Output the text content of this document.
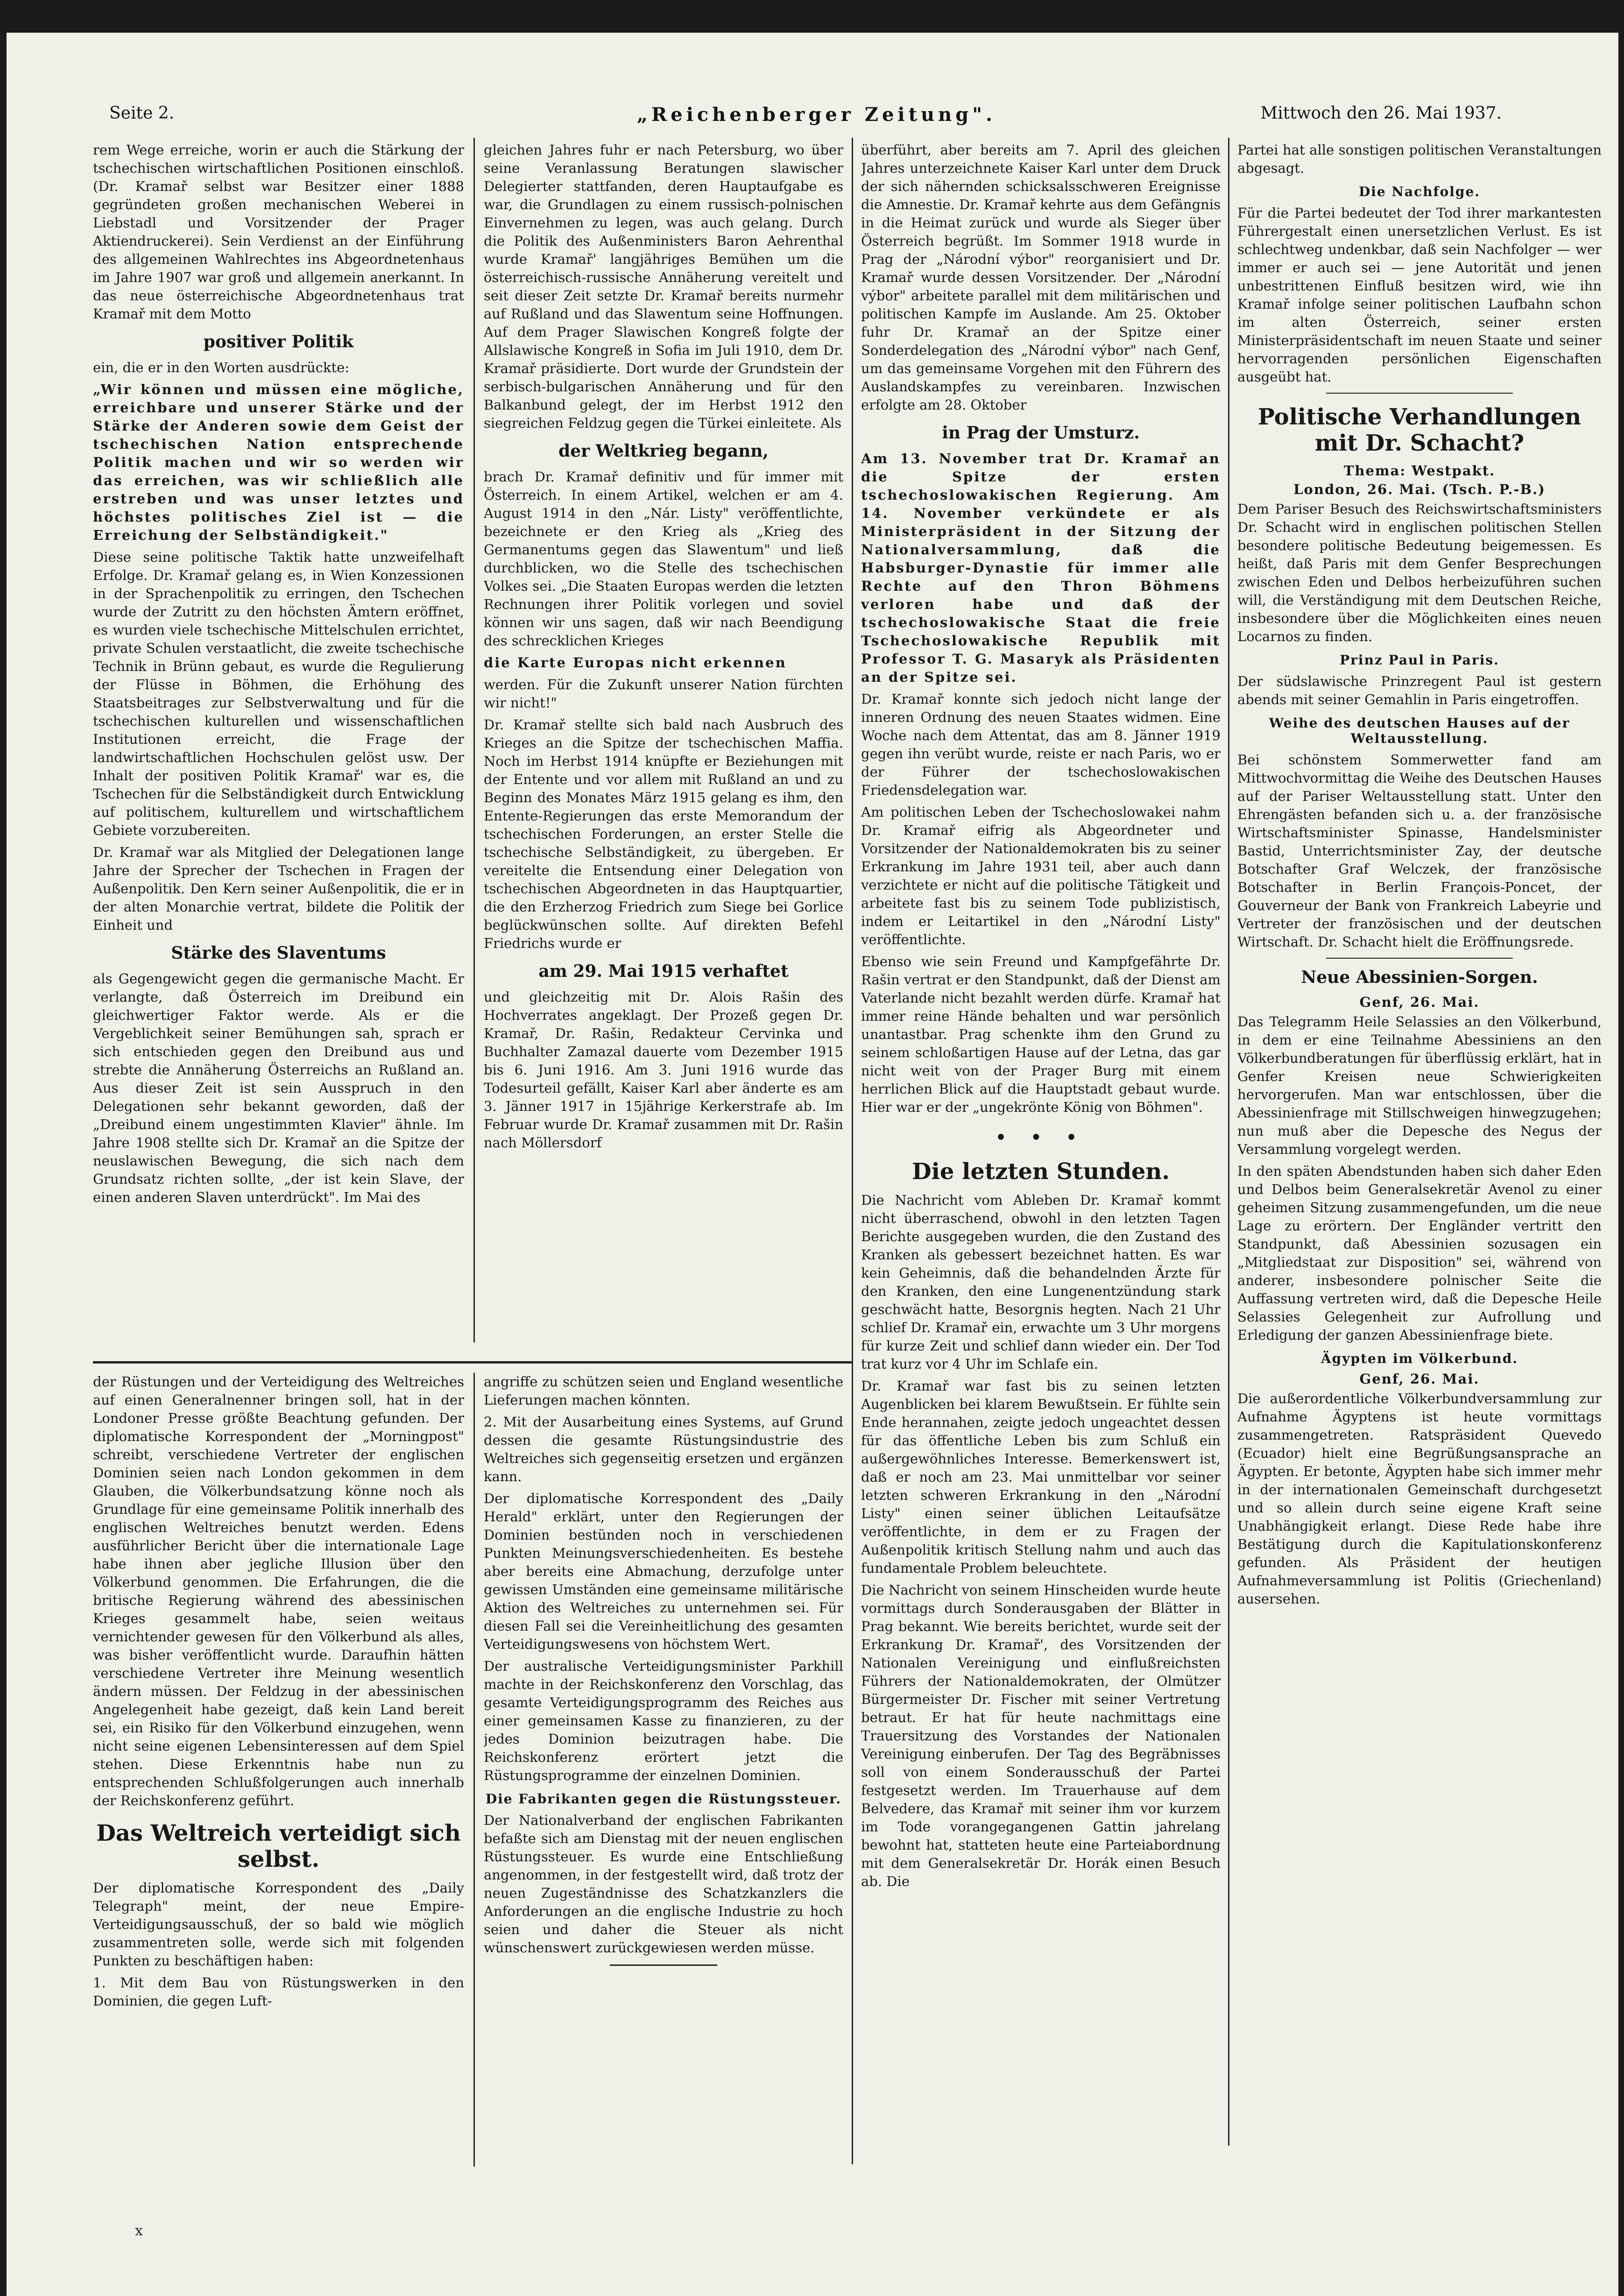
Seite 2.	„Reichenberger Zeitung".	Mittwoch den 26. Mai 1937.

rem Wege erreiche, worin er auch die Stärkung der tschechischen wirtschaftlichen Positionen einschloß. (Dr. Kramař selbst war Besitzer einer 1888 gegründeten großen mechanischen Weberei in Liebstadl und Vorsitzender der Prager Aktiendruckerei). Sein Verdienst an der Einführung des allgemeinen Wahlrechtes ins Abgeordnetenhaus im Jahre 1907 war groß und allgemein anerkannt. In das neue österreichische Abgeordnetenhaus trat Kramař mit dem Motto

positiver Politik

ein, die er in den Worten ausdrückte:

„Wir können und müssen eine mögliche, erreichbare und unserer Stärke und der Stärke der Anderen sowie dem Geist der tschechischen Nation entsprechende Politik machen und wir so werden wir das erreichen, was wir schließlich alle erstreben und was unser letztes und höchstes politisches Ziel ist — die Erreichung der Selbständigkeit."

Diese seine politische Taktik hatte unzweifelhaft Erfolge. Dr. Kramař gelang es, in Wien Konzessionen in der Sprachenpolitik zu erringen, den Tschechen wurde der Zutritt zu den höchsten Ämtern eröffnet, es wurden viele tschechische Mittelschulen errichtet, private Schulen verstaatlicht, die zweite tschechische Technik in Brünn gebaut, es wurde die Regulierung der Flüsse in Böhmen, die Erhöhung des Staatsbeitrages zur Selbstverwaltung und für die tschechischen kulturellen und wissenschaftlichen Institutionen erreicht, die Frage der landwirtschaftlichen Hochschulen gelöst usw. Der Inhalt der positiven Politik Kramař' war es, die Tschechen für die Selbständigkeit durch Entwicklung auf politischem, kulturellem und wirtschaftlichem Gebiete vorzubereiten.

Dr. Kramař war als Mitglied der Delegationen lange Jahre der Sprecher der Tschechen in Fragen der Außenpolitik. Den Kern seiner Außenpolitik, die er in der alten Monarchie vertrat, bildete die Politik der Einheit und

Stärke des Slaventums

als Gegengewicht gegen die germanische Macht. Er verlangte, daß Österreich im Dreibund ein gleichwertiger Faktor werde. Als er die Vergeblichkeit seiner Bemühungen sah, sprach er sich entschieden gegen den Dreibund aus und strebte die Annäherung Österreichs an Rußland an. Aus dieser Zeit ist sein Ausspruch in den Delegationen sehr bekannt geworden, daß der „Dreibund einem ungestimmten Klavier" ähnle. Im Jahre 1908 stellte sich Dr. Kramař an die Spitze der neuslawischen Bewegung, die sich nach dem Grundsatz richten sollte, „der ist kein Slave, der einen anderen Slaven unterdrückt". Im Mai des

gleichen Jahres fuhr er nach Petersburg, wo über seine Veranlassung Beratungen slawischer Delegierter stattfanden, deren Hauptaufgabe es war, die Grundlagen zu einem russisch-polnischen Einvernehmen zu legen, was auch gelang. Durch die Politik des Außenministers Baron Aehrenthal wurde Kramař' langjähriges Bemühen um die österreichisch-russische Annäherung vereitelt und seit dieser Zeit setzte Dr. Kramař bereits nurmehr auf Rußland und das Slawentum seine Hoffnungen. Auf dem Prager Slawischen Kongreß folgte der Allslawische Kongreß in Sofia im Juli 1910, dem Dr. Kramař präsidierte. Dort wurde der Grundstein der serbisch-bulgarischen Annäherung und für den Balkanbund gelegt, der im Herbst 1912 den siegreichen Feldzug gegen die Türkei einleitete. Als

der Weltkrieg begann,

brach Dr. Kramař definitiv und für immer mit Österreich. In einem Artikel, welchen er am 4. August 1914 in den „Nár. Listy" veröffentlichte, bezeichnete er den Krieg als „Krieg des Germanentums gegen das Slawentum" und ließ durchblicken, wo die Stelle des tschechischen Volkes sei. „Die Staaten Europas werden die letzten Rechnungen ihrer Politik vorlegen und soviel können wir uns sagen, daß wir nach Beendigung des schrecklichen Krieges

die Karte Europas nicht erkennen

werden. Für die Zukunft unserer Nation fürchten wir nicht!"

Dr. Kramař stellte sich bald nach Ausbruch des Krieges an die Spitze der tschechischen Maffia. Noch im Herbst 1914 knüpfte er Beziehungen mit der Entente und vor allem mit Rußland an und zu Beginn des Monates März 1915 gelang es ihm, den Entente-Regierungen das erste Memorandum der tschechischen Forderungen, an erster Stelle die tschechische Selbständigkeit, zu übergeben. Er vereitelte die Entsendung einer Delegation von tschechischen Abgeordneten in das Hauptquartier, die den Erzherzog Friedrich zum Siege bei Gorlice beglückwünschen sollte. Auf direkten Befehl Friedrichs wurde er

am 29. Mai 1915 verhaftet

und gleichzeitig mit Dr. Alois Rašin des Hochverrates angeklagt. Der Prozeß gegen Dr. Kramař, Dr. Rašin, Redakteur Cervinka und Buchhalter Zamazal dauerte vom Dezember 1915 bis 6. Juni 1916. Am 3. Juni 1916 wurde das Todesurteil gefällt, Kaiser Karl aber änderte es am 3. Jänner 1917 in 15jährige Kerkerstrafe ab. Im Februar wurde Dr. Kramař zusammen mit Dr. Rašin nach Möllersdorf

überführt, aber bereits am 7. April des gleichen Jahres unterzeichnete Kaiser Karl unter dem Druck der sich nähernden schicksalsschweren Ereignisse die Amnestie. Dr. Kramař kehrte aus dem Gefängnis in die Heimat zurück und wurde als Sieger über Österreich begrüßt. Im Sommer 1918 wurde in Prag der „Národní výbor" reorganisiert und Dr. Kramař wurde dessen Vorsitzender. Der „Národní výbor" arbeitete parallel mit dem militärischen und politischen Kampfe im Auslande. Am 25. Oktober fuhr Dr. Kramař an der Spitze einer Sonderdelegation des „Národní výbor" nach Genf, um das gemeinsame Vorgehen mit den Führern des Auslandskampfes zu vereinbaren. Inzwischen erfolgte am 28. Oktober

in Prag der Umsturz.

Am 13. November trat Dr. Kramař an die Spitze der ersten tschechoslowakischen Regierung. Am 14. November verkündete er als Ministerpräsident in der Sitzung der Nationalversammlung, daß die Habsburger-Dynastie für immer alle Rechte auf den Thron Böhmens verloren habe und daß der tschechoslowakische Staat die freie Tschechoslowakische Republik mit Professor T. G. Masaryk als Präsidenten an der Spitze sei.

Dr. Kramař konnte sich jedoch nicht lange der inneren Ordnung des neuen Staates widmen. Eine Woche nach dem Attentat, das am 8. Jänner 1919 gegen ihn verübt wurde, reiste er nach Paris, wo er der Führer der tschechoslowakischen Friedensdelegation war.

Am politischen Leben der Tschechoslowakei nahm Dr. Kramař eifrig als Abgeordneter und Vorsitzender der Nationaldemokraten bis zu seiner Erkrankung im Jahre 1931 teil, aber auch dann verzichtete er nicht auf die politische Tätigkeit und arbeitete fast bis zu seinem Tode publizistisch, indem er Leitartikel in den „Národní Listy" veröffentlichte.

Ebenso wie sein Freund und Kampfgefährte Dr. Rašin vertrat er den Standpunkt, daß der Dienst am Vaterlande nicht bezahlt werden dürfe. Kramař hat immer reine Hände behalten und war persönlich unantastbar. Prag schenkte ihm den Grund zu seinem schloßartigen Hause auf der Letna, das gar nicht weit von der Prager Burg mit einem herrlichen Blick auf die Hauptstadt gebaut wurde. Hier war er der „ungekrönte König von Böhmen".

• • •
Die letzten Stunden.

Die Nachricht vom Ableben Dr. Kramař kommt nicht überraschend, obwohl in den letzten Tagen Berichte ausgegeben wurden, die den Zustand des Kranken als gebessert bezeichnet hatten. Es war kein Geheimnis, daß die behandelnden Ärzte für den Kranken, den eine Lungenentzündung stark geschwächt hatte, Besorgnis hegten. Nach 21 Uhr schlief Dr. Kramař ein, erwachte um 3 Uhr morgens für kurze Zeit und schlief dann wieder ein. Der Tod trat kurz vor 4 Uhr im Schlafe ein.

Dr. Kramař war fast bis zu seinen letzten Augenblicken bei klarem Bewußtsein. Er fühlte sein Ende herannahen, zeigte jedoch ungeachtet dessen für das öffentliche Leben bis zum Schluß ein außergewöhnliches Interesse. Bemerkenswert ist, daß er noch am 23. Mai unmittelbar vor seiner letzten schweren Erkrankung in den „Národní Listy" einen seiner üblichen Leitaufsätze veröffentlichte, in dem er zu Fragen der Außenpolitik kritisch Stellung nahm und auch das fundamentale Problem beleuchtete.

Die Nachricht von seinem Hinscheiden wurde heute vormittags durch Sonderausgaben der Blätter in Prag bekannt. Wie bereits berichtet, wurde seit der Erkrankung Dr. Kramař', des Vorsitzenden der Nationalen Vereinigung und einflußreichsten Führers der Nationaldemokraten, der Olmützer Bürgermeister Dr. Fischer mit seiner Vertretung betraut. Er hat für heute nachmittags eine Trauersitzung des Vorstandes der Nationalen Vereinigung einberufen. Der Tag des Begräbnisses soll von einem Sonderausschuß der Partei festgesetzt werden. Im Trauerhause auf dem Belvedere, das Kramař mit seiner ihm vor kurzem im Tode vorangegangenen Gattin jahrelang bewohnt hat, statteten heute eine Parteiabordnung mit dem Generalsekretär Dr. Horák einen Besuch ab. Die

Partei hat alle sonstigen politischen Veranstaltungen abgesagt.

Die Nachfolge.

Für die Partei bedeutet der Tod ihrer markantesten Führergestalt einen unersetzlichen Verlust. Es ist schlechtweg undenkbar, daß sein Nachfolger — wer immer er auch sei — jene Autorität und jenen unbestrittenen Einfluß besitzen wird, wie ihn Kramař infolge seiner politischen Laufbahn schon im alten Österreich, seiner ersten Ministerpräsidentschaft im neuen Staate und seiner hervorragenden persönlichen Eigenschaften ausgeübt hat.

Politische Verhandlungen mit Dr. Schacht?
Thema: Westpakt.
London, 26. Mai. (Tsch. P.-B.)

Dem Pariser Besuch des Reichswirtschaftsministers Dr. Schacht wird in englischen politischen Stellen besondere politische Bedeutung beigemessen. Es heißt, daß Paris mit dem Genfer Besprechungen zwischen Eden und Delbos herbeizuführen suchen will, die Verständigung mit dem Deutschen Reiche, insbesondere über die Möglichkeiten eines neuen Locarnos zu finden.

Prinz Paul in Paris.

Der südslawische Prinzregent Paul ist gestern abends mit seiner Gemahlin in Paris eingetroffen.

Weihe des deutschen Hauses auf der Weltausstellung.

Bei schönstem Sommerwetter fand am Mittwochvormittag die Weihe des Deutschen Hauses auf der Pariser Weltausstellung statt. Unter den Ehrengästen befanden sich u. a. der französische Wirtschaftsminister Spinasse, Handelsminister Bastid, Unterrichtsminister Zay, der deutsche Botschafter Graf Welczek, der französische Botschafter in Berlin François-Poncet, der Gouverneur der Bank von Frankreich Labeyrie und Vertreter der französischen und der deutschen Wirtschaft. Dr. Schacht hielt die Eröffnungsrede.

Neue Abessinien-Sorgen.
Genf, 26. Mai.

Das Telegramm Heile Selassies an den Völkerbund, in dem er eine Teilnahme Abessiniens an den Völkerbundberatungen für überflüssig erklärt, hat in Genfer Kreisen neue Schwierigkeiten hervorgerufen. Man war entschlossen, über die Abessinienfrage mit Stillschweigen hinwegzugehen; nun muß aber die Depesche des Negus der Versammlung vorgelegt werden.

In den späten Abendstunden haben sich daher Eden und Delbos beim Generalsekretär Avenol zu einer geheimen Sitzung zusammengefunden, um die neue Lage zu erörtern. Der Engländer vertritt den Standpunkt, daß Abessinien sozusagen ein „Mitgliedstaat zur Disposition" sei, während von anderer, insbesondere polnischer Seite die Auffassung vertreten wird, daß die Depesche Heile Selassies Gelegenheit zur Aufrollung und Erledigung der ganzen Abessinienfrage biete.

Ägypten im Völkerbund.
Genf, 26. Mai.

Die außerordentliche Völkerbundversammlung zur Aufnahme Ägyptens ist heute vormittags zusammengetreten. Ratspräsident Quevedo (Ecuador) hielt eine Begrüßungsansprache an Ägypten. Er betonte, Ägypten habe sich immer mehr in der internationalen Gemeinschaft durchgesetzt und so allein durch seine eigene Kraft seine Unabhängigkeit erlangt. Diese Rede habe ihre Bestätigung durch die Kapitulationskonferenz gefunden. Als Präsident der heutigen Aufnahmeversammlung ist Politis (Griechenland) ausersehen.

der Rüstungen und der Verteidigung des Weltreiches auf einen Generalnenner bringen soll, hat in der Londoner Presse größte Beachtung gefunden. Der diplomatische Korrespondent der „Morningpost" schreibt, verschiedene Vertreter der englischen Dominien seien nach London gekommen in dem Glauben, die Völkerbundsatzung könne noch als Grundlage für eine gemeinsame Politik innerhalb des englischen Weltreiches benutzt werden. Edens ausführlicher Bericht über die internationale Lage habe ihnen aber jegliche Illusion über den Völkerbund genommen. Die Erfahrungen, die die britische Regierung während des abessinischen Krieges gesammelt habe, seien weitaus vernichtender gewesen für den Völkerbund als alles, was bisher veröffentlicht wurde. Daraufhin hätten verschiedene Vertreter ihre Meinung wesentlich ändern müssen. Der Feldzug in der abessinischen Angelegenheit habe gezeigt, daß kein Land bereit sei, ein Risiko für den Völkerbund einzugehen, wenn nicht seine eigenen Lebensinteressen auf dem Spiel stehen. Diese Erkenntnis habe nun zu entsprechenden Schlußfolgerungen auch innerhalb der Reichskonferenz geführt.

Das Weltreich verteidigt sich selbst.

Der diplomatische Korrespondent des „Daily Telegraph" meint, der neue Empire-Verteidigungsausschuß, der so bald wie möglich zusammentreten solle, werde sich mit folgenden Punkten zu beschäftigen haben:

1. Mit dem Bau von Rüstungswerken in den Dominien, die gegen Luft-

angriffe zu schützen seien und England wesentliche Lieferungen machen könnten.

2. Mit der Ausarbeitung eines Systems, auf Grund dessen die gesamte Rüstungsindustrie des Weltreiches sich gegenseitig ersetzen und ergänzen kann.

Der diplomatische Korrespondent des „Daily Herald" erklärt, unter den Regierungen der Dominien bestünden noch in verschiedenen Punkten Meinungsverschiedenheiten. Es bestehe aber bereits eine Abmachung, derzufolge unter gewissen Umständen eine gemeinsame militärische Aktion des Weltreiches zu unternehmen sei. Für diesen Fall sei die Vereinheitlichung des gesamten Verteidigungswesens von höchstem Wert.

Der australische Verteidigungsminister Parkhill machte in der Reichskonferenz den Vorschlag, das gesamte Verteidigungsprogramm des Reiches aus einer gemeinsamen Kasse zu finanzieren, zu der jedes Dominion beizutragen habe. Die Reichskonferenz erörtert jetzt die Rüstungsprogramme der einzelnen Dominien.

Die Fabrikanten gegen die Rüstungssteuer.

Der Nationalverband der englischen Fabrikanten befaßte sich am Dienstag mit der neuen englischen Rüstungssteuer. Es wurde eine Entschließung angenommen, in der festgestellt wird, daß trotz der neuen Zugeständnisse des Schatzkanzlers die Anforderungen an die englische Industrie zu hoch seien und daher die Steuer als nicht wünschenswert zurückgewiesen werden müsse.

x
